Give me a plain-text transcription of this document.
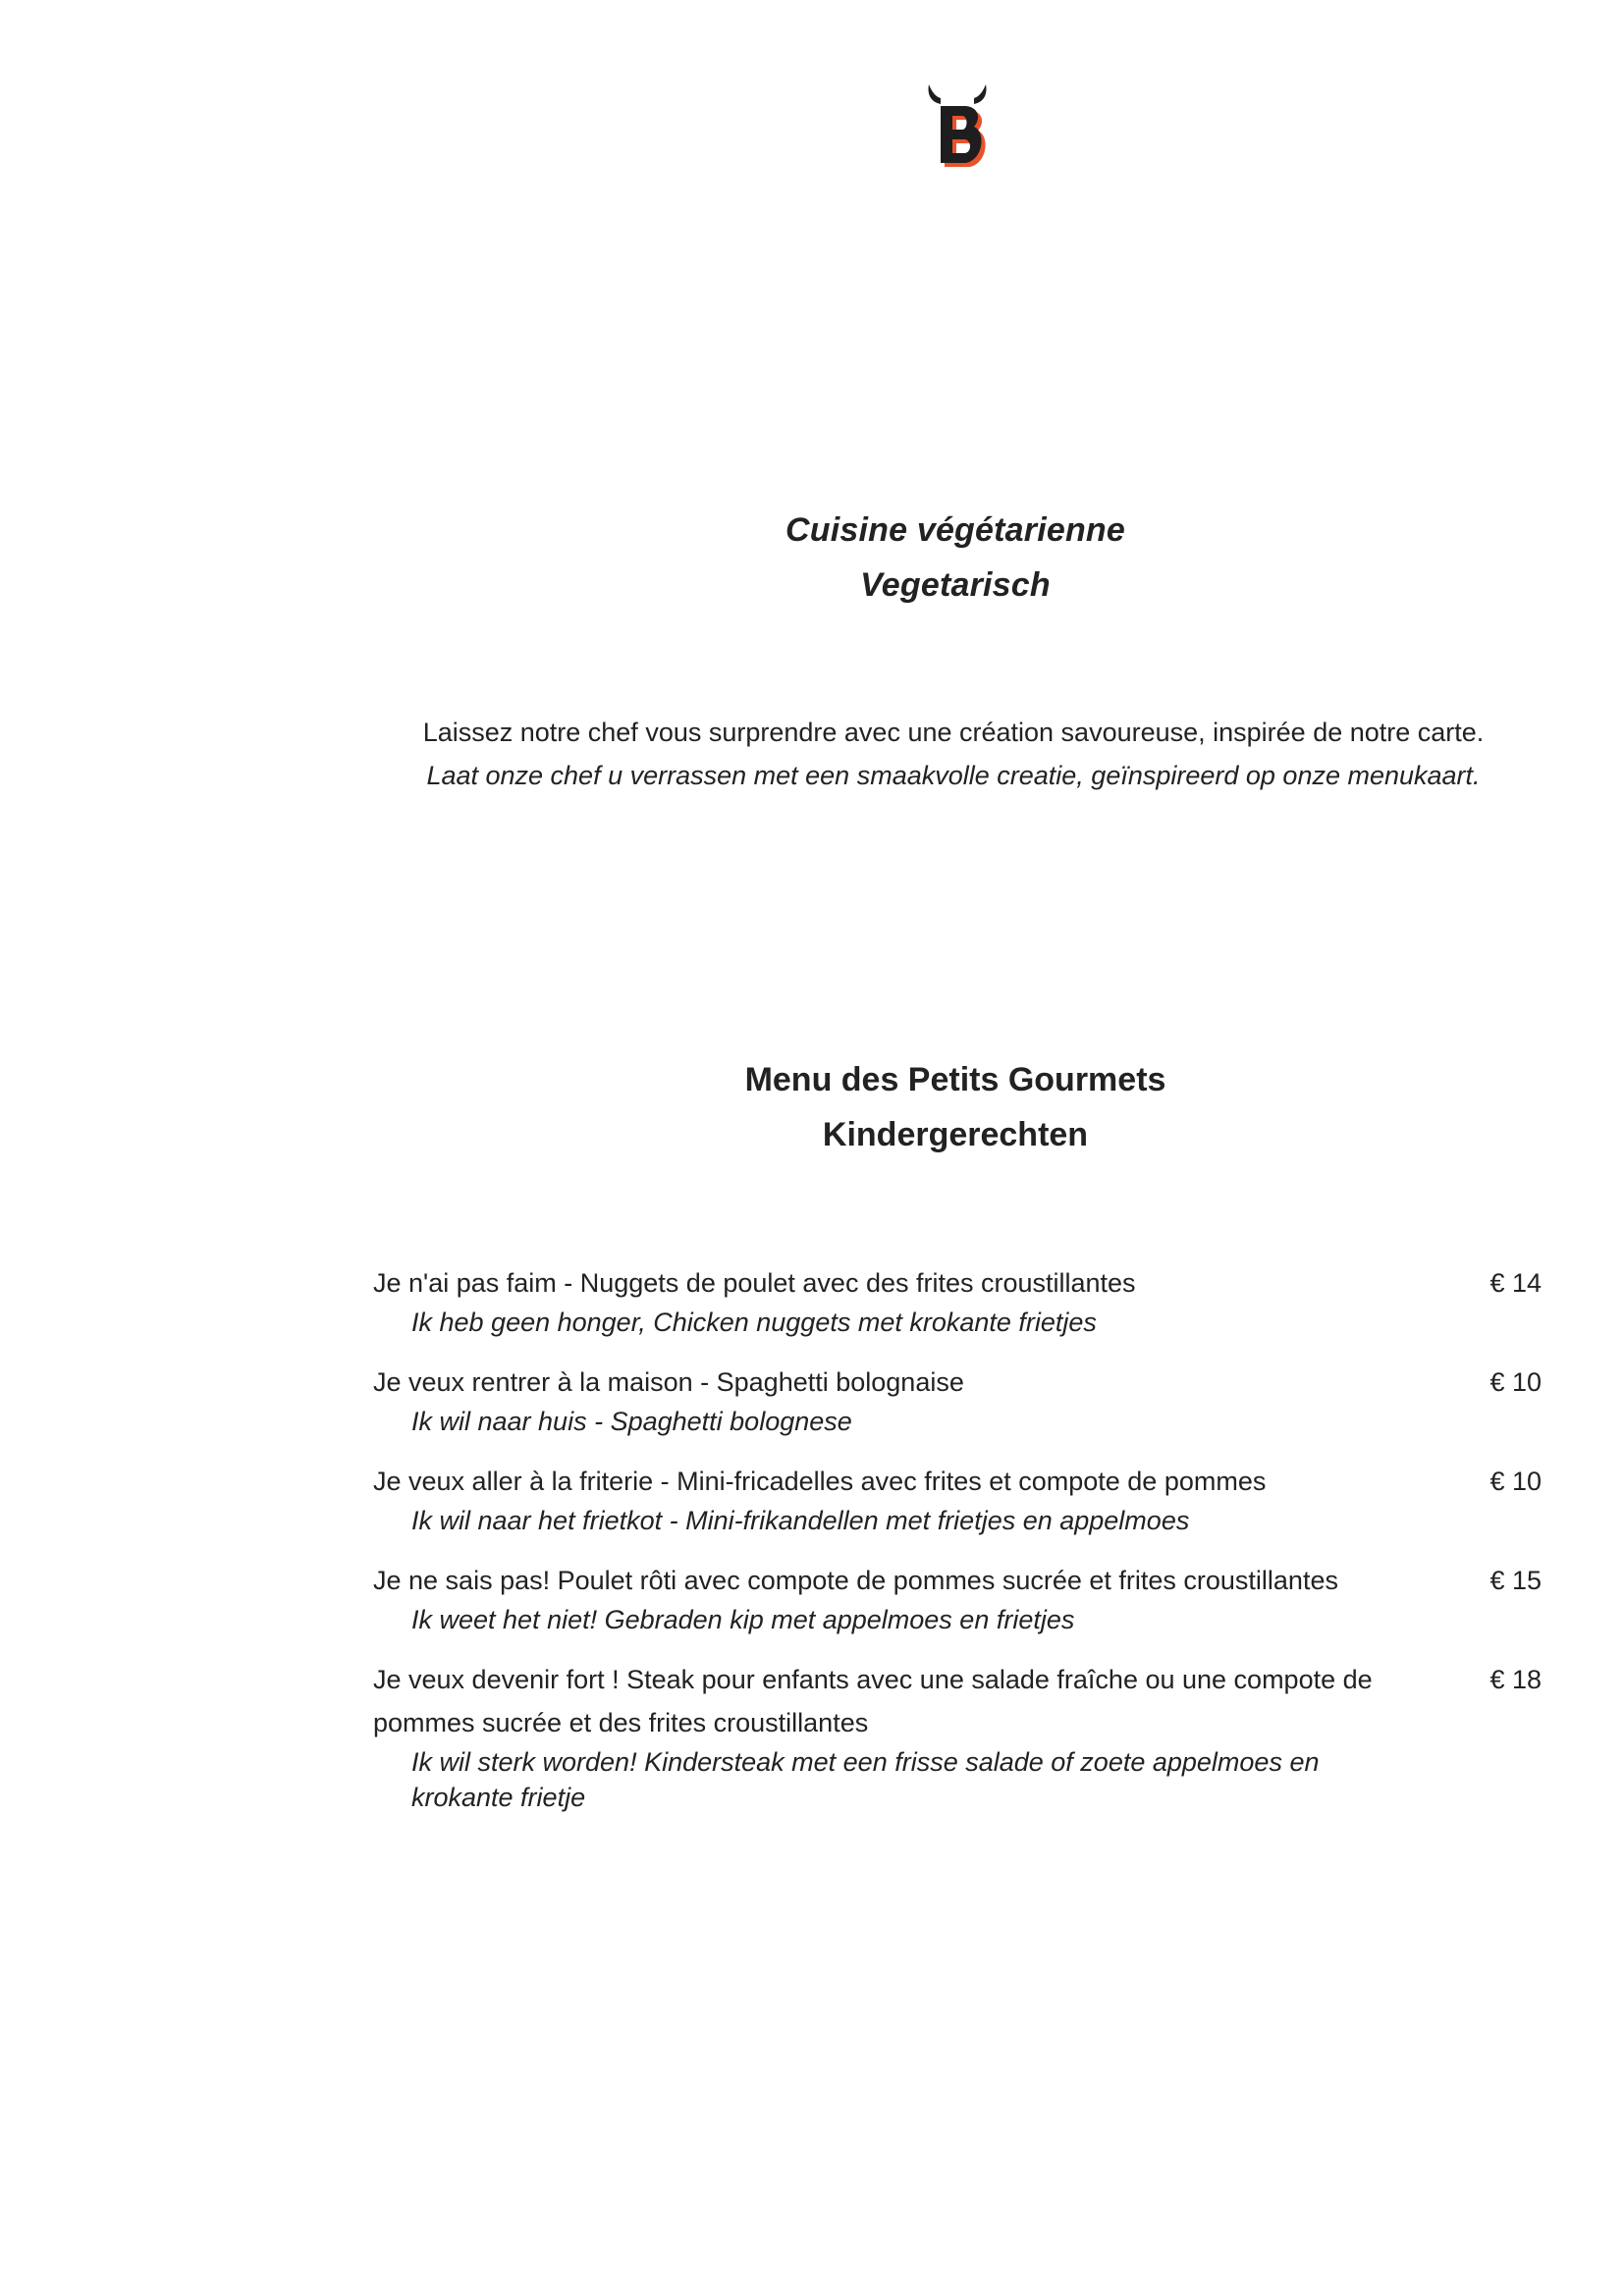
Cuisine végétarienne
Vegetarisch
Laissez notre chef vous surprendre avec une création savoureuse, inspirée de notre carte.
Laat onze chef u verrassen met een smaakvolle creatie, geïnspireerd op onze menukaart.
Menu des Petits Gourmets
Kindergerechten
Je n'ai pas faim - Nuggets de poulet avec des frites croustillantes
Ik heb geen honger, Chicken nuggets met krokante frietjes
€ 14
Je veux rentrer à la maison - Spaghetti bolognaise
Ik wil naar huis - Spaghetti bolognese
€ 10
Je veux aller à la friterie - Mini-fricadelles avec frites et compote de pommes
Ik wil naar het frietkot - Mini-frikandellen met frietjes en appelmoes
€ 10
Je ne sais pas! Poulet rôti avec compote de pommes sucrée et frites croustillantes
Ik weet het niet! Gebraden kip met appelmoes en frietjes
€ 15
Je veux devenir fort ! Steak pour enfants avec une salade fraîche ou une compote de pommes sucrée et des frites croustillantes
Ik wil sterk worden! Kindersteak met een frisse salade of zoete appelmoes en krokante frietje
€ 18
